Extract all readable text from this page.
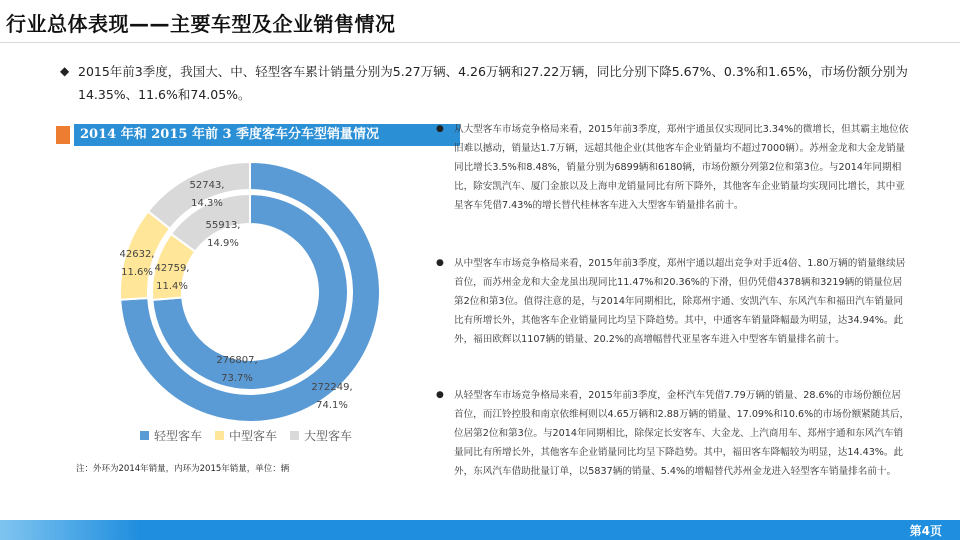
行业总体表现——主要车型及企业销售情况
◆ 2015年前3季度，我国大、中、轻型客车累计销量分别为5.27万辆、4.26万辆和27.22万辆，同比分别下降5.67%、0.3%和1.65%，市场份额分别为14.35%、11.6%和74.05%。
2014 年和 2015 年前 3 季度客车分车型销量情况
276807,
73.7%
42759,
11.4%
55913,
14.9%
272249,
74.1%
42632,
11.6%
52743,
14.3%
轻型客车	中型客车	大型客车
注：外环为2014年销量，内环为2015年销量，单位：辆
●	从大型客车市场竞争格局来看，2015年前3季度，郑州宇通虽仅实现同比3.34%的微增长，但其霸主地位依旧难以撼动，销量达1.7万辆，远超其他企业(其他客车企业销量均不超过7000辆）。苏州金龙和大金龙销量同比增长3.5%和8.48%，销量分别为6899辆和6180辆，市场份额分列第2位和第3位。与2014年同期相比，除安凯汽车、厦门金旅以及上海申龙销量同比有所下降外，其他客车企业销量均实现同比增长，其中亚星客车凭借7.43%的增长替代桂林客车进入大型客车销量排名前十。
●	从中型客车市场竞争格局来看，2015年前3季度，郑州宇通以超出竞争对手近4倍、1.80万辆的销量继续居首位，而苏州金龙和大金龙虽出现同比11.47%和20.36%的下滑，但仍凭借4378辆和3219辆的销量位居第2位和第3位。值得注意的是，与2014年同期相比，除郑州宇通、安凯汽车、东风汽车和福田汽车销量同比有所增长外，其他客车企业销量同比均呈下降趋势。其中，中通客车销量降幅最为明显，达34.94%。此外，福田欧辉以1107辆的销量、20.2%的高增幅替代亚星客车进入中型客车销量排名前十。
●	从轻型客车市场竞争格局来看，2015年前3季度，金杯汽车凭借7.79万辆的销量、28.6%的市场份额位居首位，而江铃控股和南京依维柯则以4.65万辆和2.88万辆的销量、17.09%和10.6%的市场份额紧随其后，位居第2位和第3位。与2014年同期相比，除保定长安客车、大金龙、上汽商用车、郑州宇通和东风汽车销量同比有所增长外，其他客车企业销量同比均呈下降趋势。其中，福田客车降幅较为明显，达14.43%。此外，东风汽车借助批量订单，以5837辆的销量、5.4%的增幅替代苏州金龙进入轻型客车销量排名前十。
第4页
